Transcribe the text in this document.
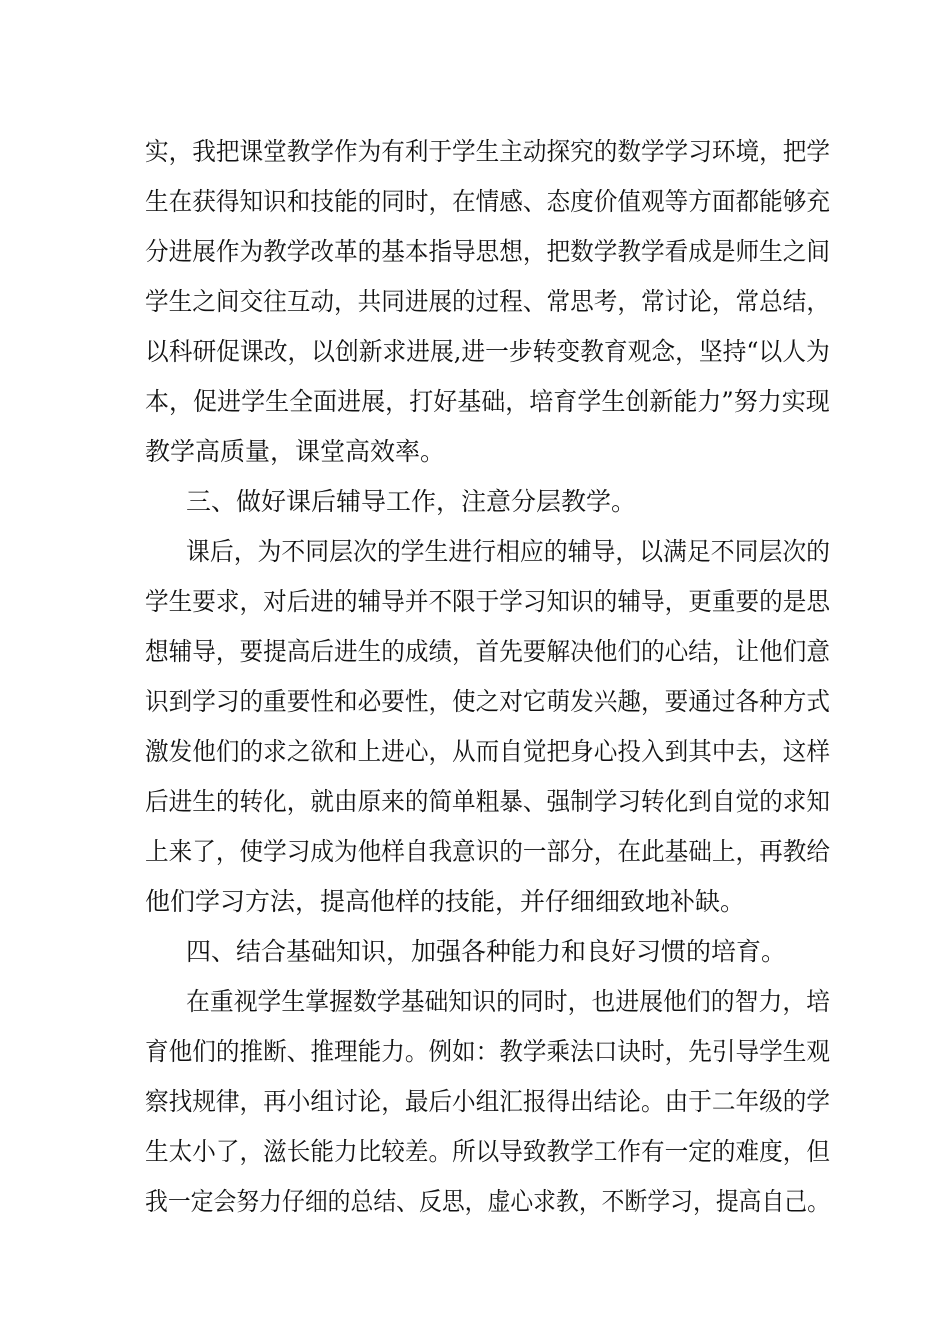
实，我把课堂教学作为有利于学生主动探究的数学学习环境，把学
生在获得知识和技能的同时，在情感、态度价值观等方面都能够充
分进展作为教学改革的基本指导思想，把数学教学看成是师生之间
学生之间交往互动，共同进展的过程、常思考，常讨论，常总结，
以科研促课改，以创新求进展,进一步转变教育观念，坚持“以人为
本，促进学生全面进展，打好基础，培育学生创新能力”努力实现
教学高质量，课堂高效率。
三、做好课后辅导工作，注意分层教学。
课后，为不同层次的学生进行相应的辅导，以满足不同层次的
学生要求，对后进的辅导并不限于学习知识的辅导，更重要的是思
想辅导，要提高后进生的成绩，首先要解决他们的心结，让他们意
识到学习的重要性和必要性，使之对它萌发兴趣，要通过各种方式
激发他们的求之欲和上进心，从而自觉把身心投入到其中去，这样
后进生的转化，就由原来的简单粗暴、强制学习转化到自觉的求知
上来了，使学习成为他样自我意识的一部分，在此基础上，再教给
他们学习方法，提高他样的技能，并仔细细致地补缺。
四、结合基础知识，加强各种能力和良好习惯的培育。
在重视学生掌握数学基础知识的同时，也进展他们的智力，培
育他们的推断、推理能力。例如：教学乘法口诀时，先引导学生观
察找规律，再小组讨论，最后小组汇报得出结论。由于二年级的学
生太小了，滋长能力比较差。所以导致教学工作有一定的难度，但
我一定会努力仔细的总结、反思，虚心求教，不断学习，提高自己。
